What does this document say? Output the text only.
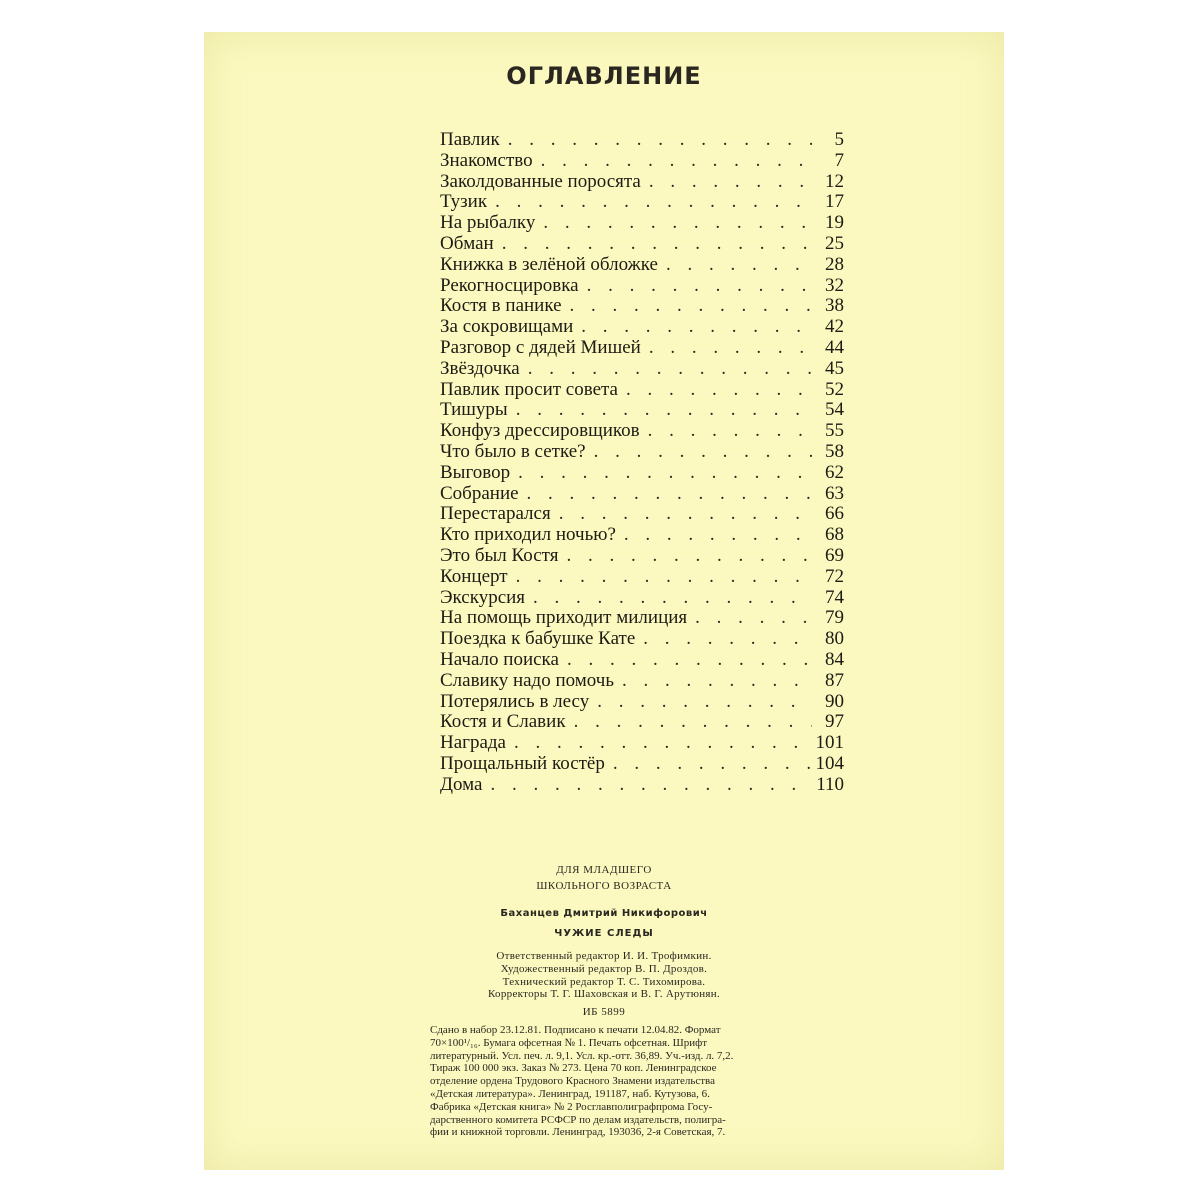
ОГЛАВЛЕНИЕ
Павлик . . .	5
Знакомство . . .	7
Заколдованные поросята . . .	12
Тузик . . .	17
На рыбалку . . .	19
Обман . . .	25
Книжка в зелёной обложке . . .	28
Рекогносцировка . . .	32
Костя в панике . . .	38
За сокровищами . . .	42
Разговор с дядей Мишей . . .	44
Звёздочка . . .	45
Павлик просит совета . . .	52
Тишуры . . .	54
Конфуз дрессировщиков . . .	55
Что было в сетке? . . .	58
Выговор . . .	62
Собрание . . .	63
Перестарался . . .	66
Кто приходил ночью? . . .	68
Это был Костя . . .	69
Концерт . . .	72
Экскурсия . . .	74
На помощь приходит милиция . . .	79
Поездка к бабушке Кате . . .	80
Начало поиска . . .	84
Славику надо помочь . . .	87
Потерялись в лесу . . .	90
Костя и Славик . . .	97
Награда . . .	101
Прощальный костёр . . .	104
Дома . . .	110
ДЛЯ МЛАДШЕГО
ШКОЛЬНОГО ВОЗРАСТА
Баханцев Дмитрий Никифорович
ЧУЖИЕ СЛЕДЫ
Ответственный редактор И. И. Трофимкин.
Художественный редактор В. П. Дроздов.
Технический редактор Т. С. Тихомирова.
Корректоры Т. Г. Шаховская и В. Г. Арутюнян.
ИБ 5899
Сдано в набор 23.12.81. Подписано к печати 12.04.82. Формат
70×100¹/₁₆. Бумага офсетная № 1. Печать офсетная. Шрифт
литературный. Усл. печ. л. 9,1. Усл. кр.-отт. 36,89. Уч.-изд. л. 7,2.
Тираж 100 000 экз. Заказ № 273. Цена 70 коп. Ленинградское
отделение ордена Трудового Красного Знамени издательства
«Детская литература». Ленинград, 191187, наб. Кутузова, 6.
Фабрика «Детская книга» № 2 Росглавполиграфпрома Госу-
дарственного комитета РСФСР по делам издательств, полигра-
фии и книжной торговли. Ленинград, 193036, 2-я Советская, 7.
